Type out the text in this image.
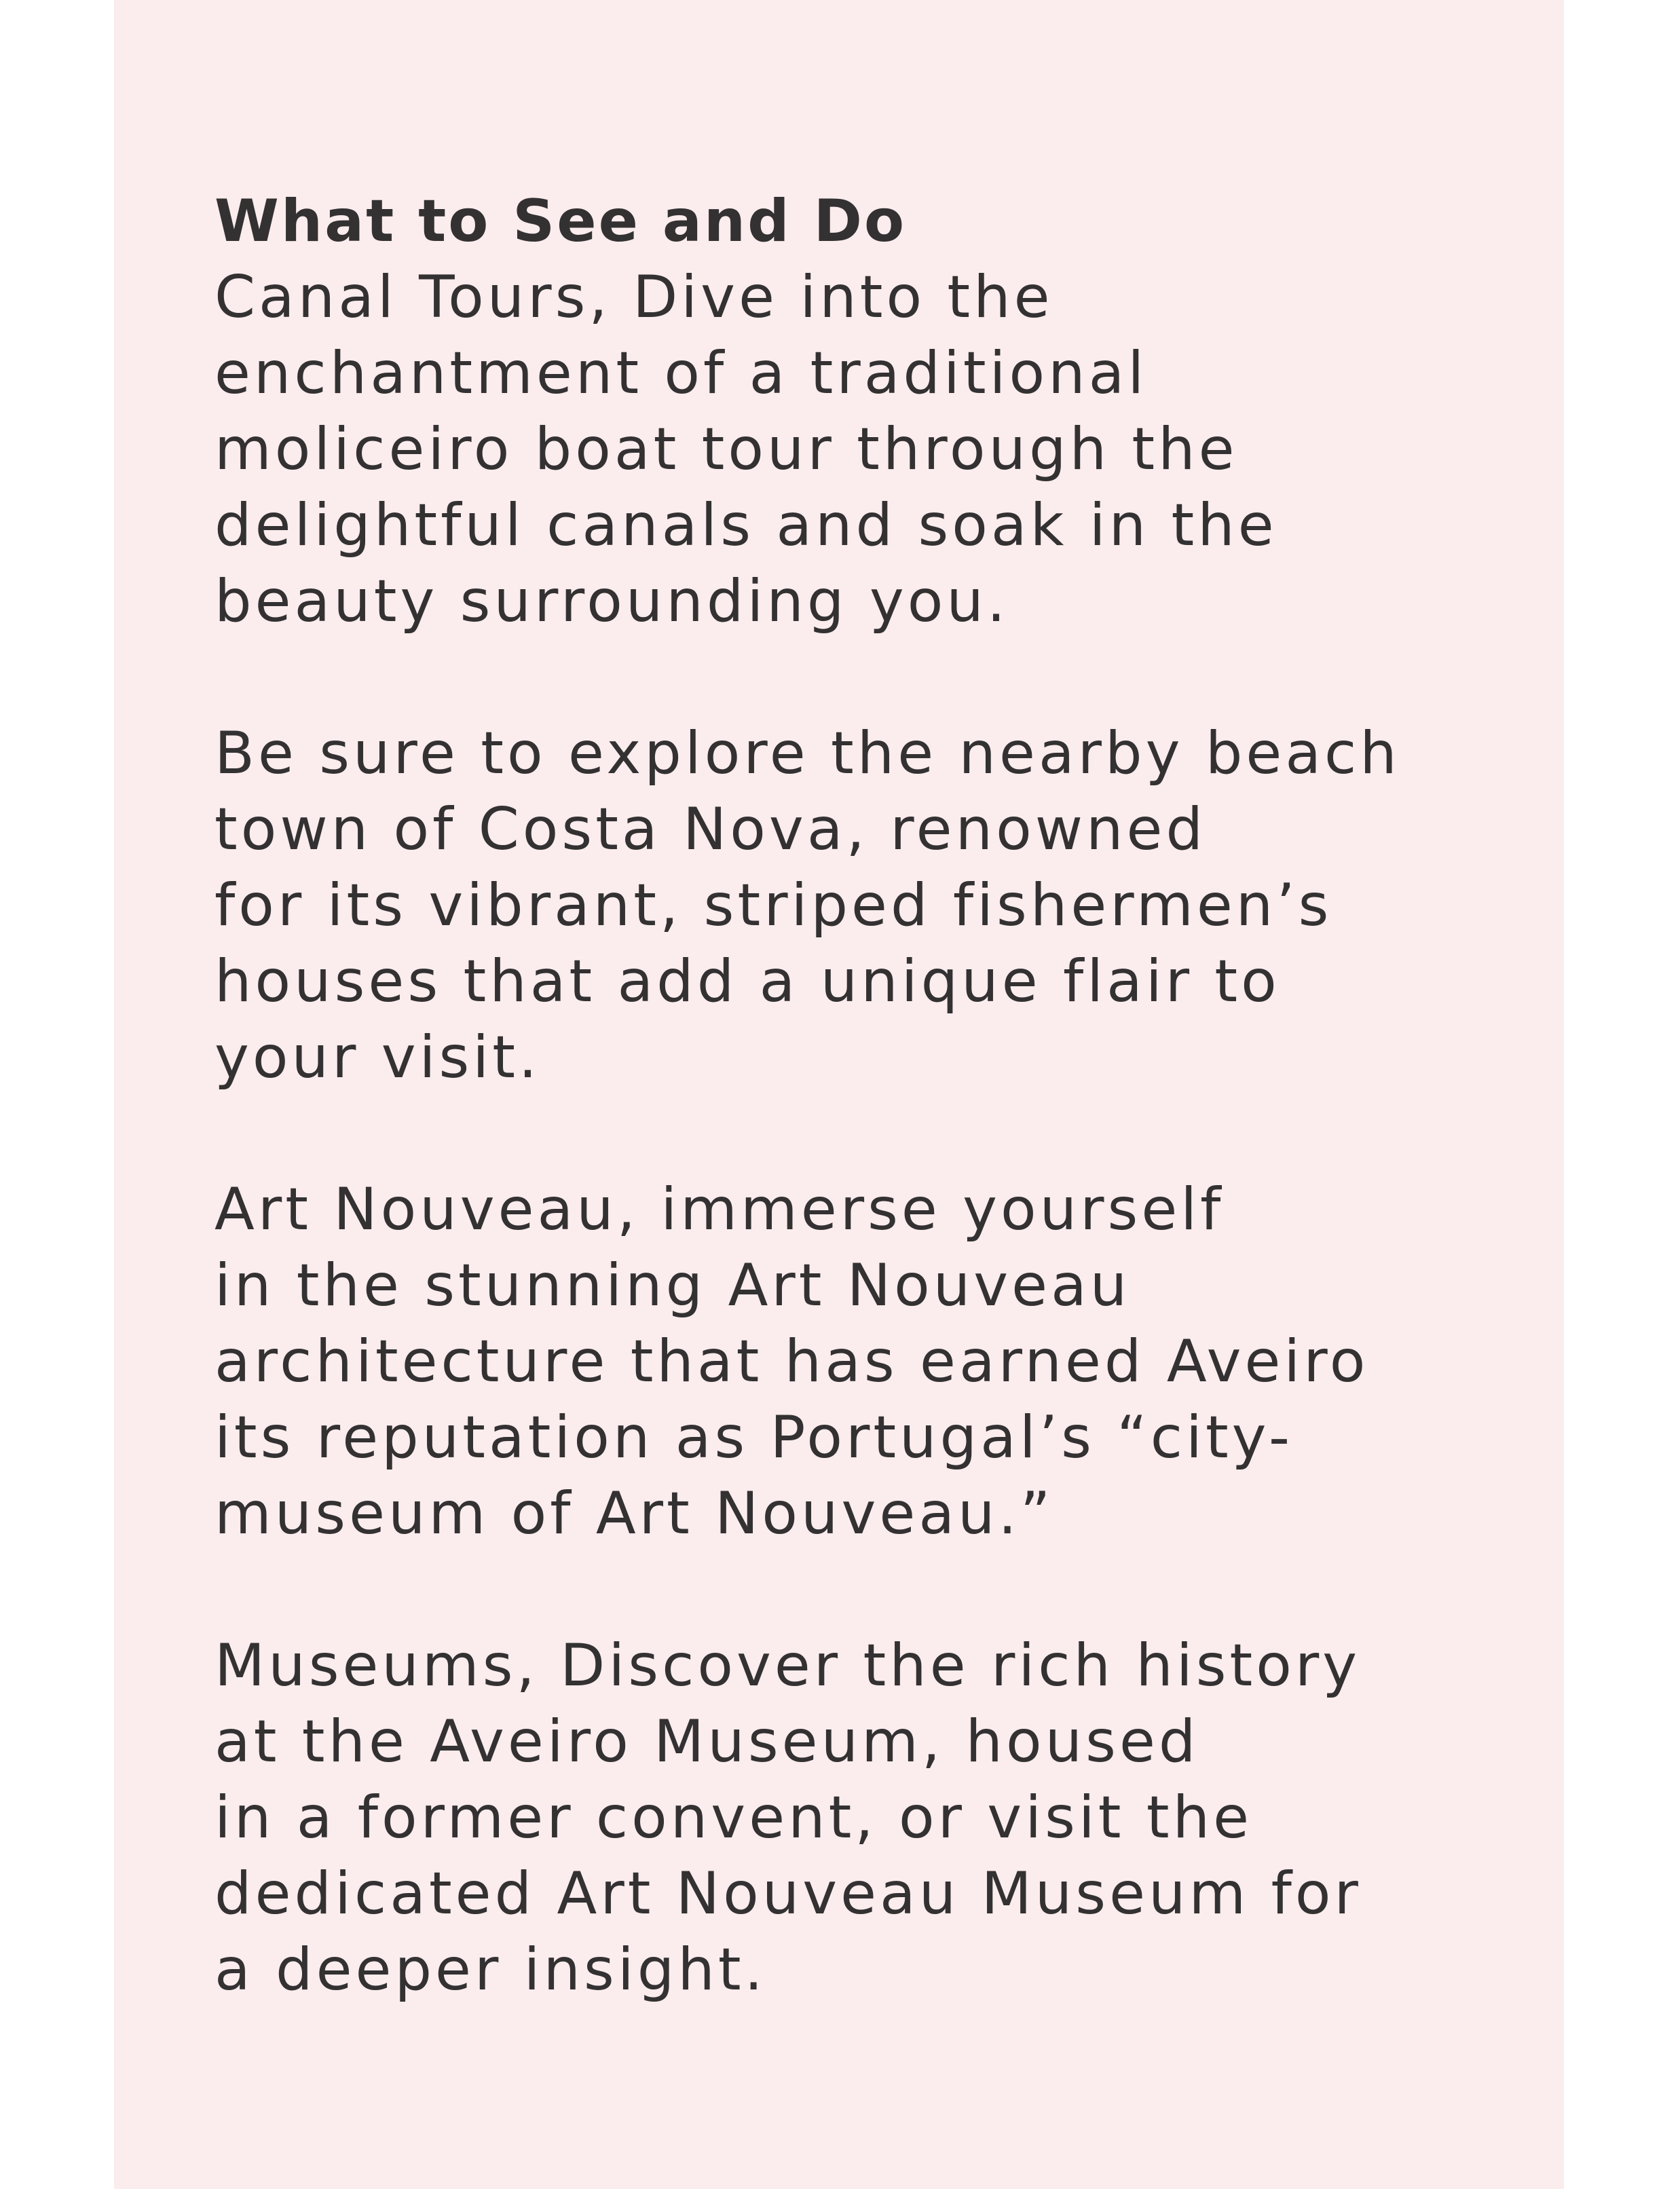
What to See and Do

Canal Tours, Dive into the
enchantment of a traditional
moliceiro boat tour through the
delightful canals and soak in the
beauty surrounding you.

Be sure to explore the nearby beach
town of Costa Nova, renowned
for its vibrant, striped fishermen’s
houses that add a unique flair to
your visit.

Art Nouveau, immerse yourself
in the stunning Art Nouveau
architecture that has earned Aveiro
its reputation as Portugal’s “city-
museum of Art Nouveau.”

Museums, Discover the rich history
at the Aveiro Museum, housed
in a former convent, or visit the
dedicated Art Nouveau Museum for
a deeper insight.
